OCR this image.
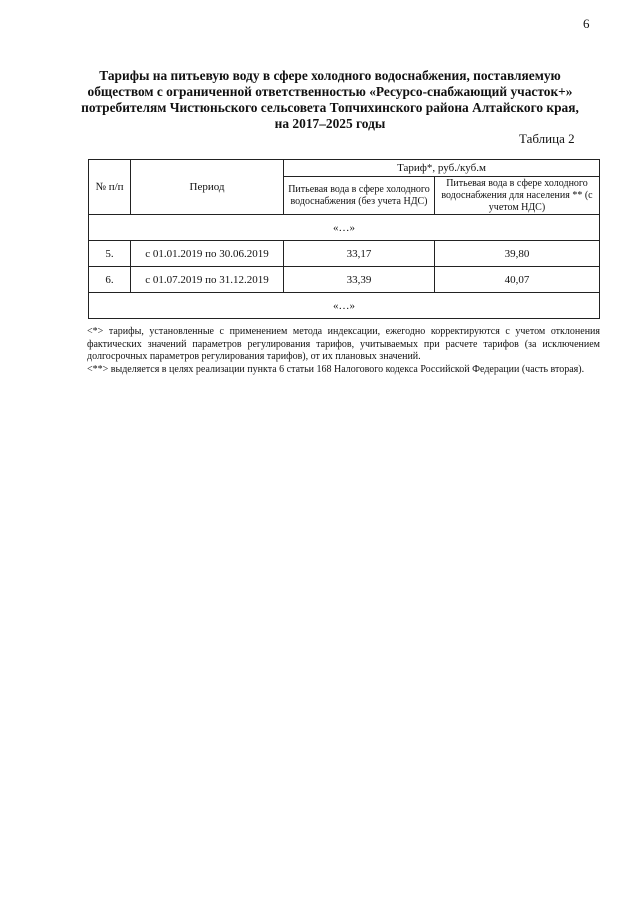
6
Тарифы на питьевую воду в сфере холодного водоснабжения, поставляемую
обществом с ограниченной ответственностью «Ресурсо-снабжающий участок+»
потребителям Чистюньского сельсовета Топчихинского района Алтайского края,
на 2017–2025 годы
Таблица 2
№ п/п	Период	Тариф*, руб./куб.м	
		Питьевая вода в сфере холодного водоснабжения (без учета НДС)	Питьевая вода в сфере холодного водоснабжения для населения ** (с учетом НДС)
«…»			
5.	с 01.01.2019 по 30.06.2019	33,17	39,80
6.	с 01.07.2019 по 31.12.2019	33,39	40,07
«…»			

<*> тарифы, установленные с применением метода индексации, ежегодно корректируются с учетом отклонения фактических значений параметров регулирования тарифов, учитываемых при расчете тарифов (за исключением долгосрочных параметров регулирования тарифов), от их плановых значений.

<**> выделяется в целях реализации пункта 6 статьи 168 Налогового кодекса Российской Федерации (часть вторая).
